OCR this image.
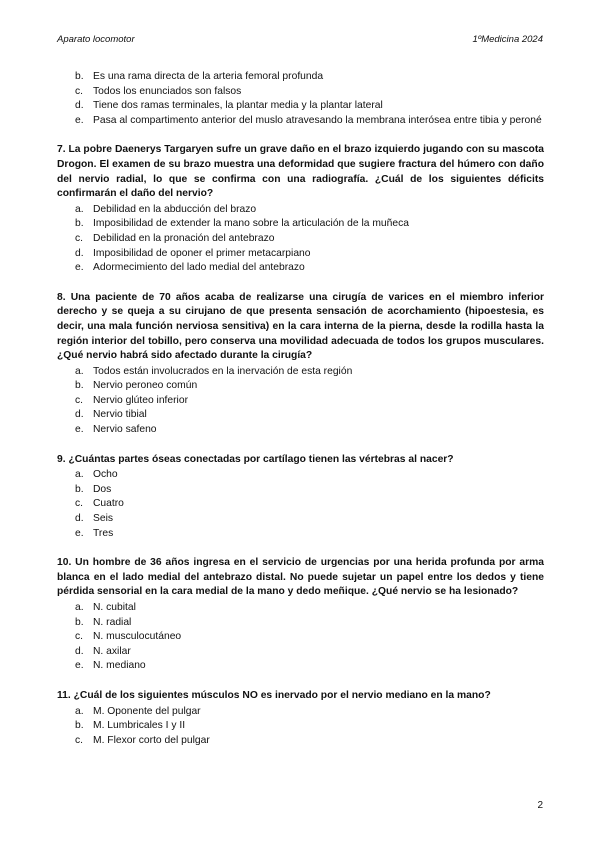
Aparato locomotor	1ºMedicina 2024
b. Es una rama directa de la arteria femoral profunda
c. Todos los enunciados son falsos
d. Tiene dos ramas terminales, la plantar media y la plantar lateral
e. Pasa al compartimento anterior del muslo atravesando la membrana interósea entre tibia y peroné

7. La pobre Daenerys Targaryen sufre un grave daño en el brazo izquierdo jugando con su mascota Drogon. El examen de su brazo muestra una deformidad que sugiere fractura del húmero con daño del nervio radial, lo que se confirma con una radiografía. ¿Cuál de los siguientes déficits confirmarán el daño del nervio?

a. Debilidad en la abducción del brazo
b. Imposibilidad de extender la mano sobre la articulación de la muñeca
c. Debilidad en la pronación del antebrazo
d. Imposibilidad de oponer el primer metacarpiano
e. Adormecimiento del lado medial del antebrazo

8. Una paciente de 70 años acaba de realizarse una cirugía de varices en el miembro inferior derecho y se queja a su cirujano de que presenta sensación de acorchamiento (hipoestesia, es decir, una mala función nerviosa sensitiva) en la cara interna de la pierna, desde la rodilla hasta la región interior del tobillo, pero conserva una movilidad adecuada de todos los grupos musculares. ¿Qué nervio habrá sido afectado durante la cirugía?

a. Todos están involucrados en la inervación de esta región
b. Nervio peroneo común
c. Nervio glúteo inferior
d. Nervio tibial
e. Nervio safeno

9. ¿Cuántas partes óseas conectadas por cartílago tienen las vértebras al nacer?

a. Ocho
b. Dos
c. Cuatro
d. Seis
e. Tres

10. Un hombre de 36 años ingresa en el servicio de urgencias por una herida profunda por arma blanca en el lado medial del antebrazo distal. No puede sujetar un papel entre los dedos y tiene pérdida sensorial en la cara medial de la mano y dedo meñique. ¿Qué nervio se ha lesionado?

a. N. cubital
b. N. radial
c. N. musculocutáneo
d. N. axilar
e. N. mediano

11. ¿Cuál de los siguientes músculos NO es inervado por el nervio mediano en la mano?

a. M. Oponente del pulgar
b. M. Lumbricales I y II
c. M. Flexor corto del pulgar
2
